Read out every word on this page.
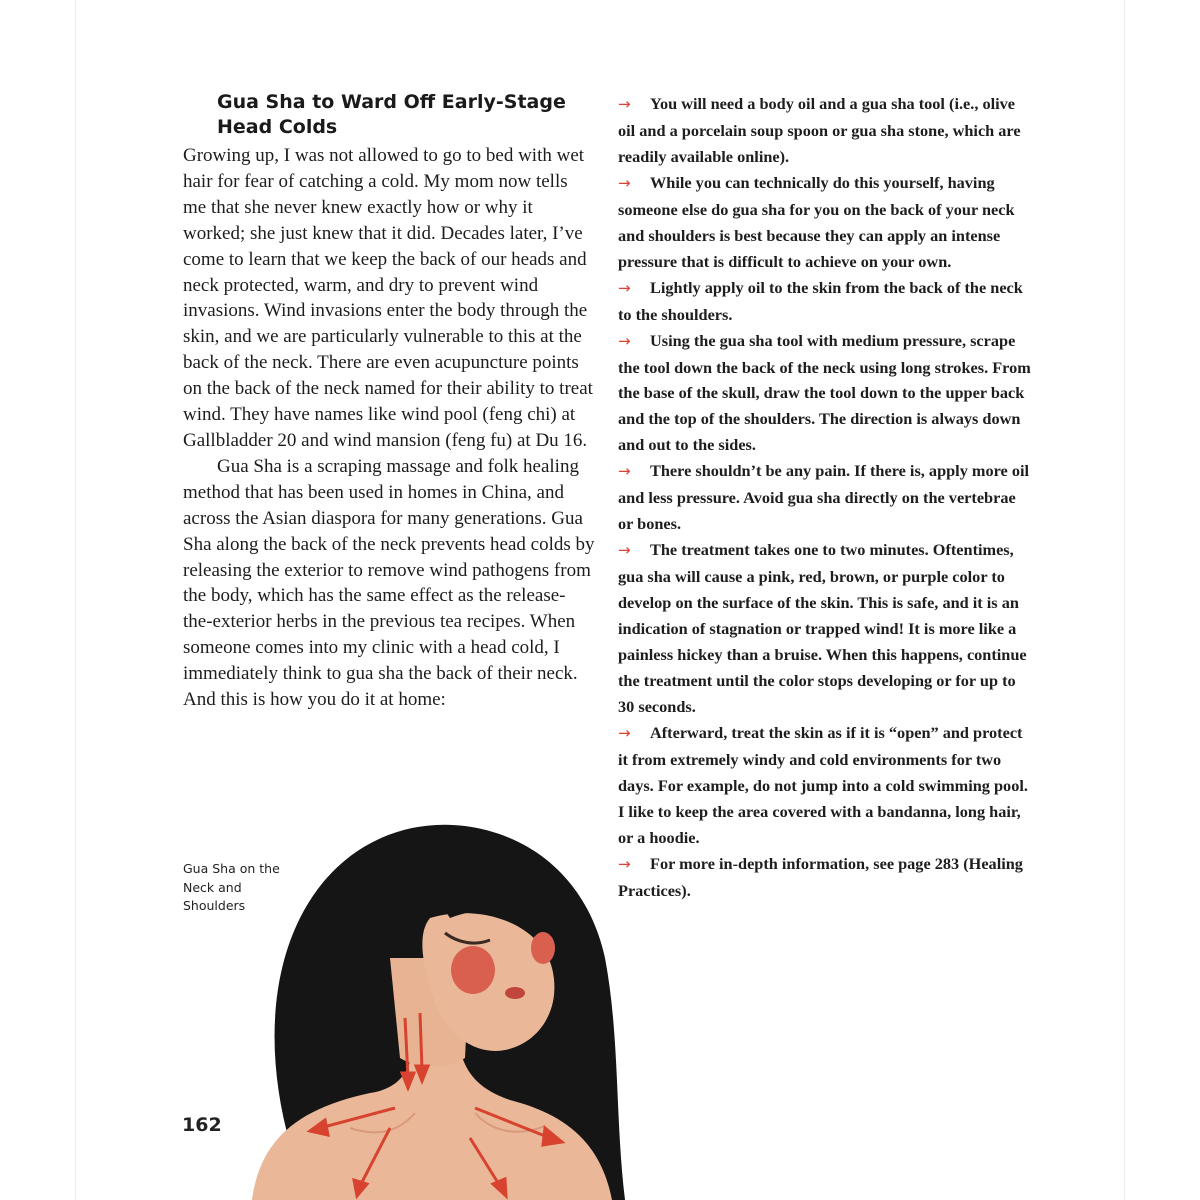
Gua Sha to Ward Off Early-Stage Head Colds

Growing up, I was not allowed to go to bed with wet hair for fear of catching a cold. My mom now tells me that she never knew exactly how or why it worked; she just knew that it did. Decades later, I’ve come to learn that we keep the back of our heads and neck protected, warm, and dry to prevent wind invasions. Wind invasions enter the body through the skin, and we are particularly vulnerable to this at the back of the neck. There are even acupuncture points on the back of the neck named for their ability to treat wind. They have names like wind pool (feng chi) at Gallbladder 20 and wind mansion (feng fu) at Du 16.

Gua Sha is a scraping massage and folk healing method that has been used in homes in China, and across the Asian diaspora for many generations. Gua Sha along the back of the neck prevents head colds by releasing the exterior to remove wind pathogens from the body, which has the same effect as the release-the-exterior herbs in the previous tea recipes. When someone comes into my clinic with a head cold, I immediately think to gua sha the back of their neck. And this is how you do it at home:

Gua Sha on the Neck and Shoulders
162
→ You will need a body oil and a gua sha tool (i.e., olive oil and a porcelain soup spoon or gua sha stone, which are readily available online).
→ While you can technically do this yourself, having someone else do gua sha for you on the back of your neck and shoulders is best because they can apply an intense pressure that is difficult to achieve on your own.
→ Lightly apply oil to the skin from the back of the neck to the shoulders.
→ Using the gua sha tool with medium pressure, scrape the tool down the back of the neck using long strokes. From the base of the skull, draw the tool down to the upper back and the top of the shoulders. The direction is always down and out to the sides.
→ There shouldn’t be any pain. If there is, apply more oil and less pressure. Avoid gua sha directly on the vertebrae or bones.
→ The treatment takes one to two minutes. Oftentimes, gua sha will cause a pink, red, brown, or purple color to develop on the surface of the skin. This is safe, and it is an indication of stagnation or trapped wind! It is more like a painless hickey than a bruise. When this happens, continue the treatment until the color stops developing or for up to 30 seconds.
→ Afterward, treat the skin as if it is “open” and protect it from extremely windy and cold environments for two days. For example, do not jump into a cold swimming pool. I like to keep the area covered with a bandanna, long hair, or a hoodie.
→ For more in-depth information, see page 283 (Healing Practices).
